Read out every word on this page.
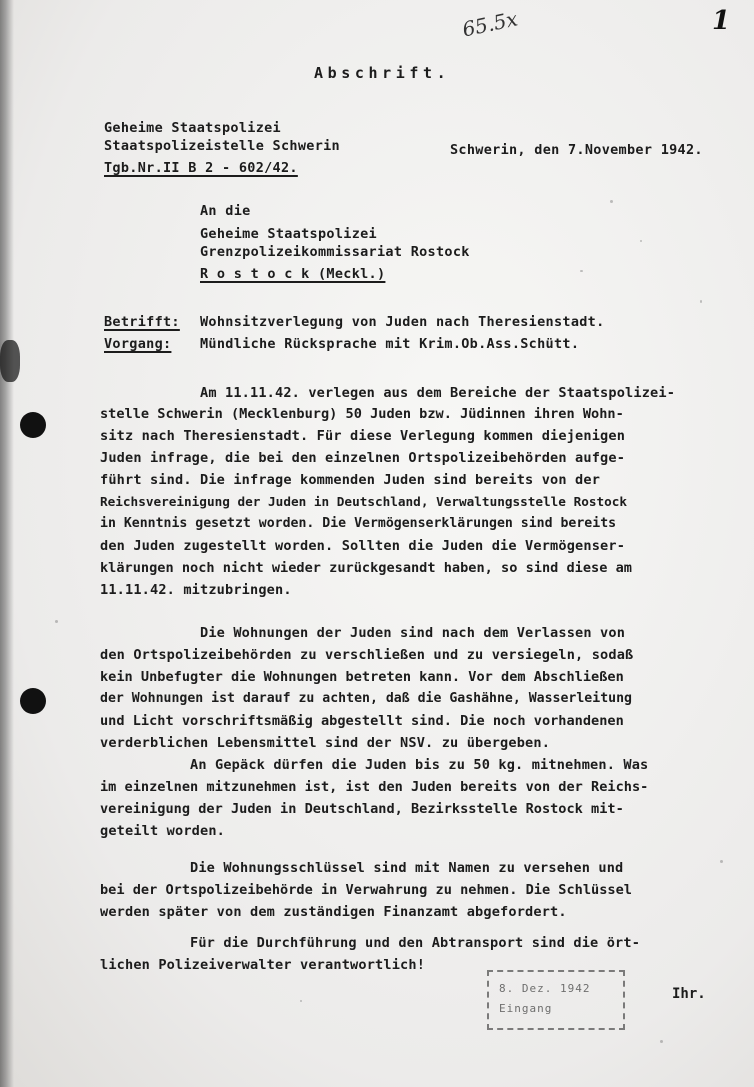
65.5x	1
Abschrift.
Geheime Staatspolizei
Staatspolizeistelle Schwerin
Tgb.Nr.II B 2 - 602/42.
Schwerin, den 7.November 1942.
An die
Geheime Staatspolizei
Grenzpolizeikommissariat Rostock
R o s t o c k (Meckl.)
Betrifft: Wohnsitzverlegung von Juden nach Theresienstadt.
Vorgang: Mündliche Rücksprache mit Krim.Ob.Ass.Schütt.
Am 11.11.42. verlegen aus dem Bereiche der Staatspolizei-
stelle Schwerin (Mecklenburg) 50 Juden bzw. Jüdinnen ihren Wohn-
sitz nach Theresienstadt. Für diese Verlegung kommen diejenigen
Juden infrage, die bei den einzelnen Ortspolizeibehörden aufge-
führt sind. Die infrage kommenden Juden sind bereits von der
Reichsvereinigung der Juden in Deutschland, Verwaltungsstelle Rostock
in Kenntnis gesetzt worden. Die Vermögenserklärungen sind bereits
den Juden zugestellt worden. Sollten die Juden die Vermögenser-
klärungen noch nicht wieder zurückgesandt haben, so sind diese am
11.11.42. mitzubringen.
Die Wohnungen der Juden sind nach dem Verlassen von
den Ortspolizeibehörden zu verschließen und zu versiegeln, sodaß
kein Unbefugter die Wohnungen betreten kann. Vor dem Abschließen
der Wohnungen ist darauf zu achten, daß die Gashähne, Wasserleitung
und Licht vorschriftsmäßig abgestellt sind. Die noch vorhandenen
verderblichen Lebensmittel sind der NSV. zu übergeben.
An Gepäck dürfen die Juden bis zu 50 kg. mitnehmen. Was
im einzelnen mitzunehmen ist, ist den Juden bereits von der Reichs-
vereinigung der Juden in Deutschland, Bezirksstelle Rostock mit-
geteilt worden.
Die Wohnungsschlüssel sind mit Namen zu versehen und
bei der Ortspolizeibehörde in Verwahrung zu nehmen. Die Schlüssel
werden später von dem zuständigen Finanzamt abgefordert.
Für die Durchführung und den Abtransport sind die ört-
lichen Polizeiverwalter verantwortlich!
8. Dez. 1942
Eingang
Ihr.
